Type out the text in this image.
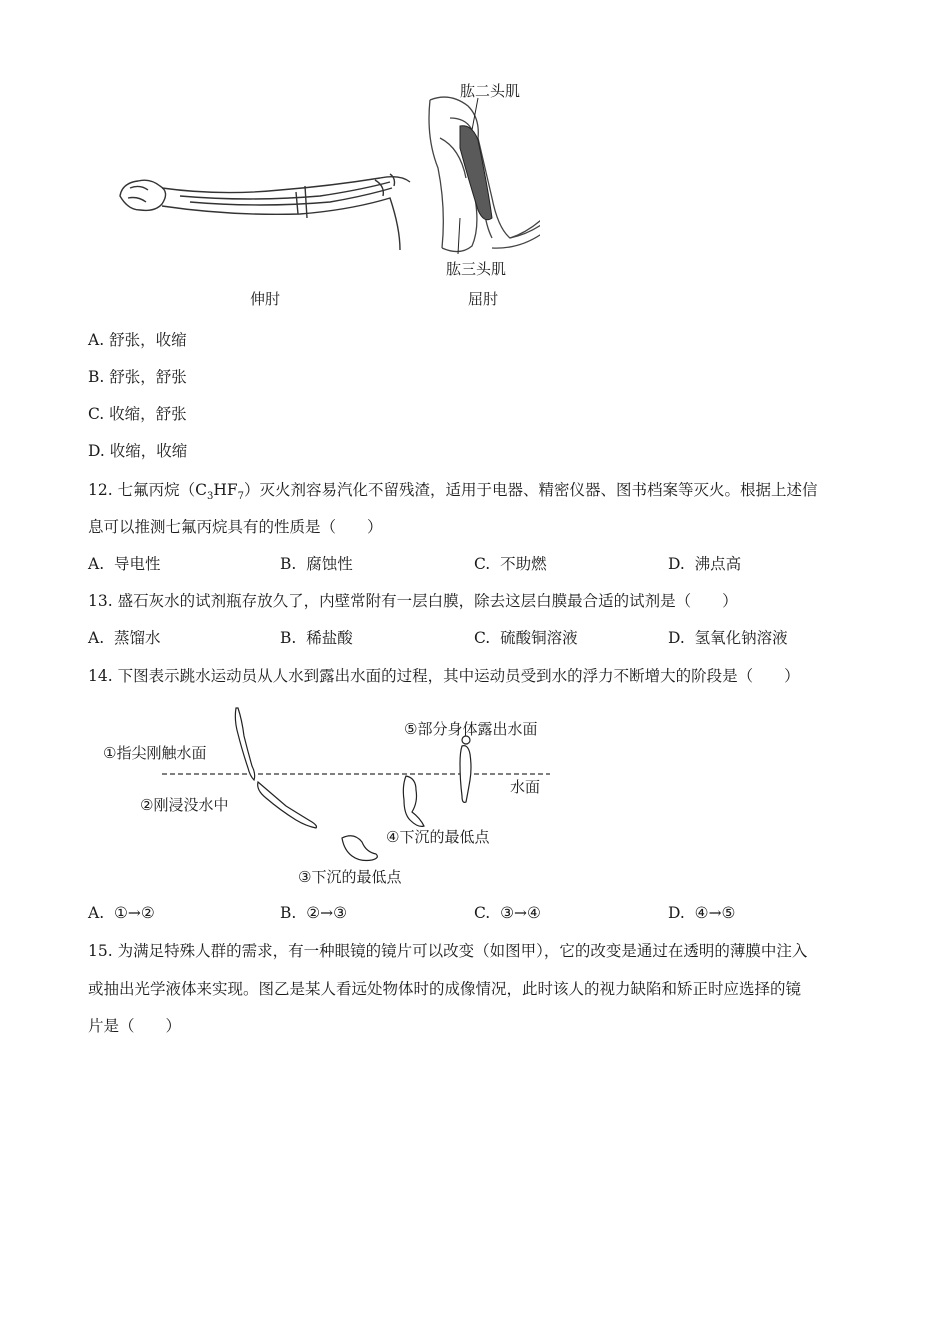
肱二头肌
肱三头肌
伸肘	屈肘
A. 舒张，收缩
B. 舒张，舒张
C. 收缩，舒张
D. 收缩，收缩
12. 七氟丙烷$(C_3HF_7)$灭火剂容易汽化不留残渣，适用于电器、精密仪器、图书档案等灭火。根据上述信
息可以推测七氟丙烷具有的性质是（　　）
A. 导电性	B. 腐蚀性	C. 不助燃	D. 沸点高
13. 盛石灰水的试剂瓶存放久了，内壁常附有一层白膜，除去这层白膜最合适的试剂是（　　）
A. 蒸馏水	B. 稀盐酸	C. 硫酸铜溶液	D. 氢氧化钠溶液
14. 下图表示跳水运动员从人水到露出水面的过程，其中运动员受到水的浮力不断增大的阶段是（　　）
①指尖刚触水面
②刚浸没水中
③下沉的最低点
④下沉的最低点
⑤部分身体露出水面
水面
A. ①→②	B. ②→③	C. ③→④	D. ④→⑤
15. 为满足特殊人群的需求，有一种眼镜的镜片可以改变（如图甲），它的改变是通过在透明的薄膜中注入
或抽出光学液体来实现。图乙是某人看远处物体时的成像情况，此时该人的视力缺陷和矫正时应选择的镜
片是（　　）
